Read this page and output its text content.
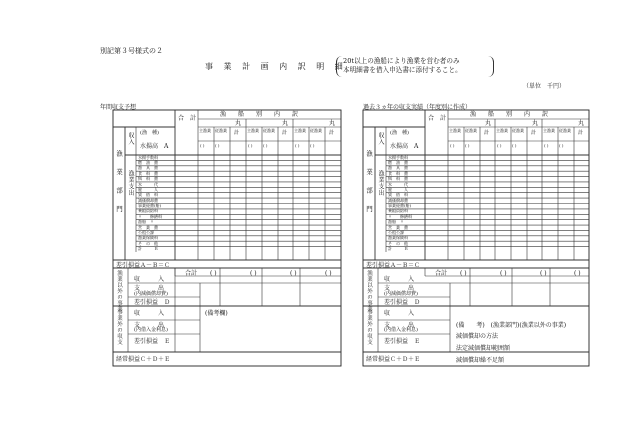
別記第３号様式の２
事 業 計 画 内 訳 明 細
20t以上の漁船により漁業を営む者のみ
本明細書を借入申込書に添付すること。
（単位　千円）
年間収支予想
合　計
漁　　船　　別　　内　　訳
丸	丸	丸
主漁業	従漁業	計 主漁業	従漁業	計 主漁業	従漁業	計
(漁　種)
水揚高　A	( )	( )	( )	( )	( )	( )
収入
漁業支出
漁業部門	水揚手数料
燃　油　費
漁　具　費
食　料　費
餌　料　費
氷　　　代
雇　　　人
賃　借　料
減価償却費
事業経費(船)
乗組員給料
〃　　修繕料
漁船　〃
営　業　費
公租公課
漁業保険料
そ　の　他
計　　　Ｂ
差引損益Ａ－Ｂ＝Ｃ
合計 ( )	( )	( )	( )
漁業以外の事業 収　　　入
支　　　出
(内減価償却費)
差引損益　Ｄ
事業外の収支 収　　　入
支　　　出
(内借入金利息)
差引損益　Ｅ
(備考欄)
経常損益Ｃ＋Ｄ＋Ｅ
過去３ヵ年の収支実績（年度別に作成）
合　計
漁　　船　　別　　内　　訳
丸	丸	丸
主漁業	従漁業	計 主漁業	従漁業	計 主漁業	従漁業	計
(漁　種)
水揚高　A	( )	( )	( )	( )	( )	( )
収入
漁業支出
漁業部門	水揚手数料
燃　油　費
漁　具　費
食　料　費
餌　料　費
氷　　　代
雇　　　人
賃　借　料
減価償却費
事業経費(船)
乗組員給料
〃　　修繕料
漁船　〃
営　業　費
公租公課
漁業保険料
そ　の　他
計　　　Ｂ
差引損益Ａ－Ｂ＝Ｃ
合計 ( )	( )	( )	( )
漁業以外の事業 収　　　入
支　　　出
(内減価償却費)
差引損益　Ｄ
事業外の収支 収　　　入
支　　　出
(内借入金利息)
差引損益　Ｅ
(備　　考)　(漁業部門)(漁業以外の事業)
減価償却の方法
法定減価償却範囲額
減価償却繰不足額
経常損益Ｃ＋Ｄ＋Ｅ
